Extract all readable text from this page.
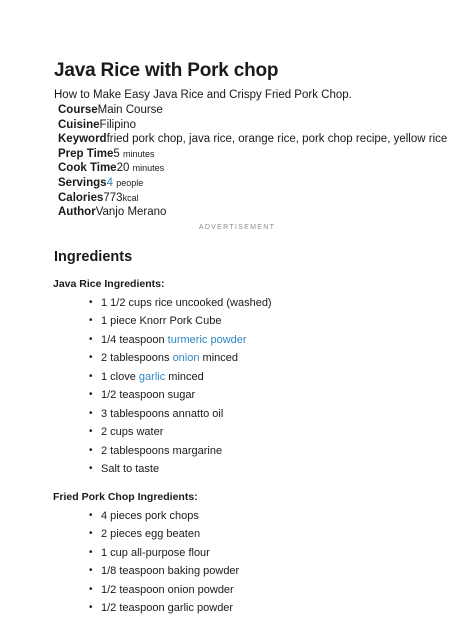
Java Rice with Pork chop
How to Make Easy Java Rice and Crispy Fried Pork Chop.
CourseMain Course
CuisineFilipino
Keywordfried pork chop, java rice, orange rice, pork chop recipe, yellow rice
Prep Time5 minutes
Cook Time20 minutes
Servings4 people
Calories773kcal
AuthorVanjo Merano
ADVERTISEMENT
Ingredients
Java Rice Ingredients:
• 1 1/2 cups rice uncooked (washed)
• 1 piece Knorr Pork Cube
• 1/4 teaspoon turmeric powder
• 2 tablespoons onion minced
• 1 clove garlic minced
• 1/2 teaspoon sugar
• 3 tablespoons annatto oil
• 2 cups water
• 2 tablespoons margarine
• Salt to taste
Fried Pork Chop Ingredients:
• 4 pieces pork chops
• 2 pieces egg beaten
• 1 cup all-purpose flour
• 1/8 teaspoon baking powder
• 1/2 teaspoon onion powder
• 1/2 teaspoon garlic powder
